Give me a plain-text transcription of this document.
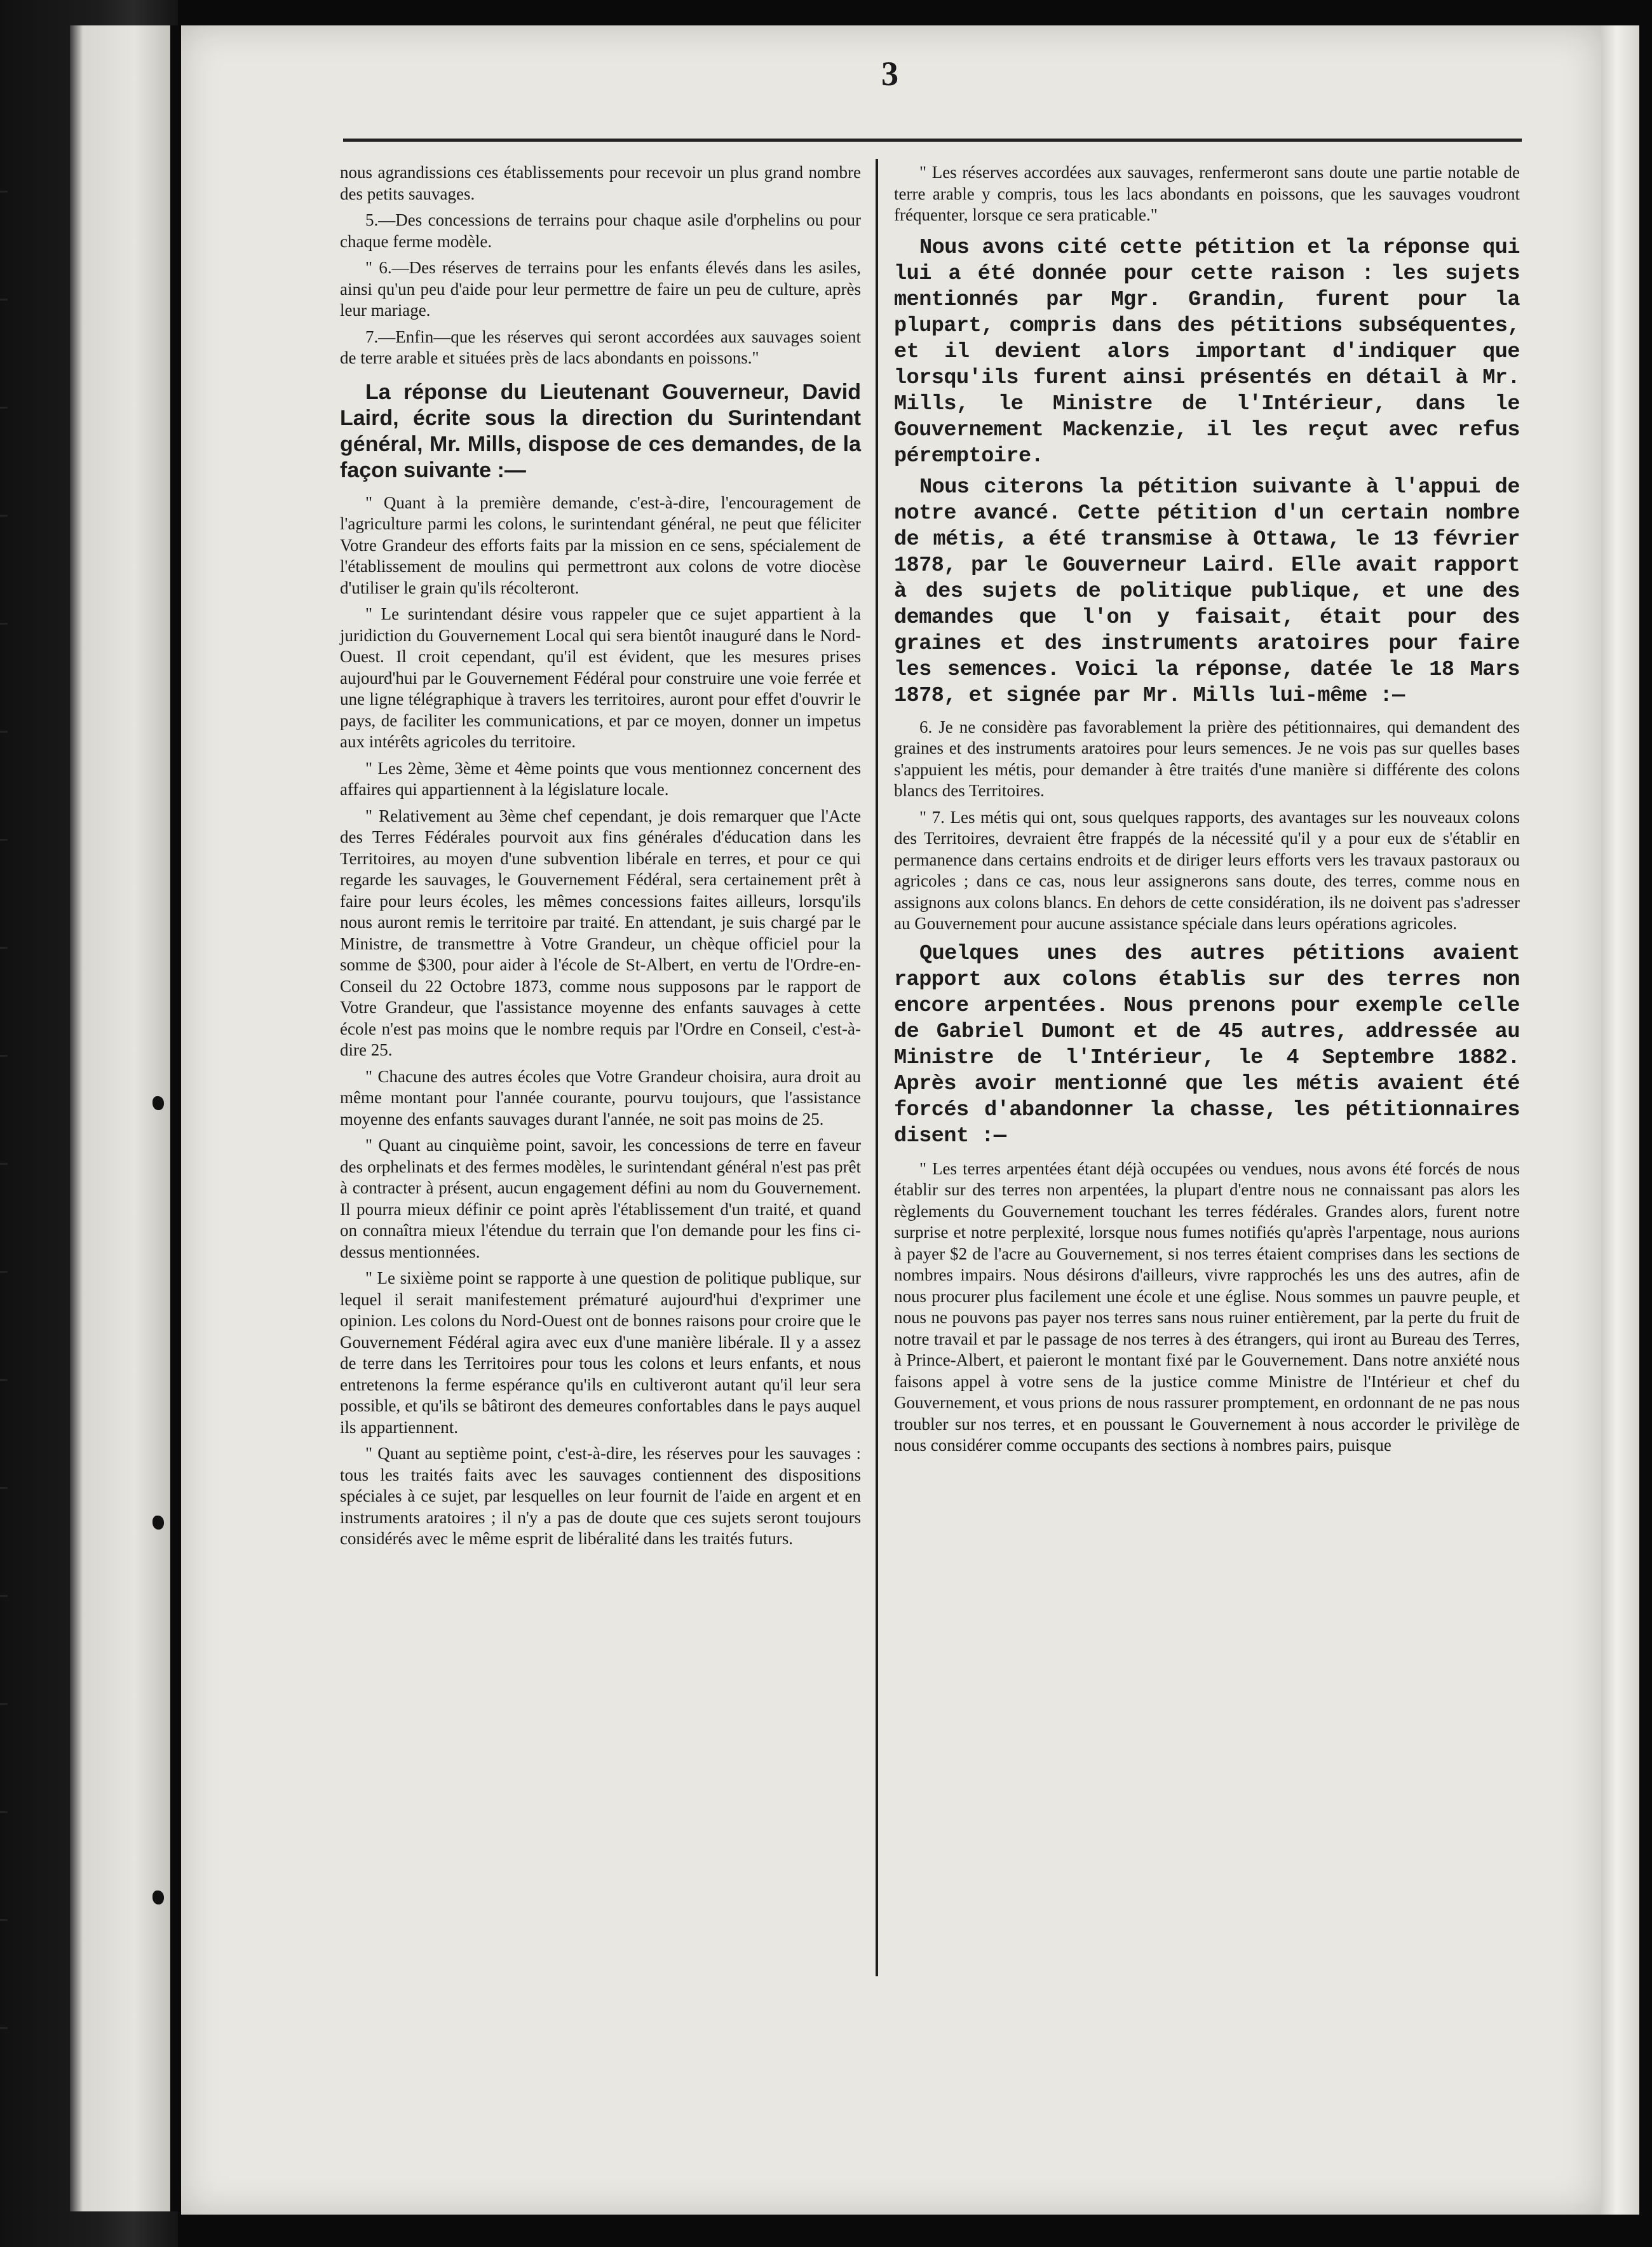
3

nous agrandissions ces établissements pour recevoir un plus grand nombre des petits sauvages.

5.—Des concessions de terrains pour chaque asile d'orphelins ou pour chaque ferme modèle.

" 6.—Des réserves de terrains pour les enfants élevés dans les asiles, ainsi qu'un peu d'aide pour leur permettre de faire un peu de culture, après leur mariage.

7.—Enfin—que les réserves qui seront accordées aux sauvages soient de terre arable et situées près de lacs abondants en poissons."

La réponse du Lieutenant Gouverneur, David Laird, écrite sous la direction du Surintendant général, Mr. Mills, dispose de ces demandes, de la façon suivante :—

" Quant à la première demande, c'est-à-dire, l'encouragement de l'agriculture parmi les colons, le surintendant général, ne peut que féliciter Votre Grandeur des efforts faits par la mission en ce sens, spécialement de l'établissement de moulins qui permettront aux colons de votre diocèse d'utiliser le grain qu'ils récolteront.

" Le surintendant désire vous rappeler que ce sujet appartient à la juridiction du Gouvernement Local qui sera bientôt inauguré dans le Nord-Ouest. Il croit cependant, qu'il est évident, que les mesures prises aujourd'hui par le Gouvernement Fédéral pour construire une voie ferrée et une ligne télégraphique à travers les territoires, auront pour effet d'ouvrir le pays, de faciliter les communications, et par ce moyen, donner un impetus aux intérêts agricoles du territoire.

" Les 2ème, 3ème et 4ème points que vous mentionnez concernent des affaires qui appartiennent à la législature locale.

" Relativement au 3ème chef cependant, je dois remarquer que l'Acte des Terres Fédérales pourvoit aux fins générales d'éducation dans les Territoires, au moyen d'une subvention libérale en terres, et pour ce qui regarde les sauvages, le Gouvernement Fédéral, sera certainement prêt à faire pour leurs écoles, les mêmes concessions faites ailleurs, lorsqu'ils nous auront remis le territoire par traité. En attendant, je suis chargé par le Ministre, de transmettre à Votre Grandeur, un chèque officiel pour la somme de $300, pour aider à l'école de St-Albert, en vertu de l'Ordre-en-Conseil du 22 Octobre 1873, comme nous supposons par le rapport de Votre Grandeur, que l'assistance moyenne des enfants sauvages à cette école n'est pas moins que le nombre requis par l'Ordre en Conseil, c'est-à-dire 25.

" Chacune des autres écoles que Votre Grandeur choisira, aura droit au même montant pour l'année courante, pourvu toujours, que l'assistance moyenne des enfants sauvages durant l'année, ne soit pas moins de 25.

" Quant au cinquième point, savoir, les concessions de terre en faveur des orphelinats et des fermes modèles, le surintendant général n'est pas prêt à contracter à présent, aucun engagement défini au nom du Gouvernement. Il pourra mieux définir ce point après l'établissement d'un traité, et quand on connaîtra mieux l'étendue du terrain que l'on demande pour les fins ci-dessus mentionnées.

" Le sixième point se rapporte à une question de politique publique, sur lequel il serait manifestement prématuré aujourd'hui d'exprimer une opinion. Les colons du Nord-Ouest ont de bonnes raisons pour croire que le Gouvernement Fédéral agira avec eux d'une manière libérale. Il y a assez de terre dans les Territoires pour tous les colons et leurs enfants, et nous entretenons la ferme espérance qu'ils en cultiveront autant qu'il leur sera possible, et qu'ils se bâtiront des demeures confortables dans le pays auquel ils appartiennent.

" Quant au septième point, c'est-à-dire, les réserves pour les sauvages : tous les traités faits avec les sauvages contiennent des dispositions spéciales à ce sujet, par lesquelles on leur fournit de l'aide en argent et en instruments aratoires ; il n'y a pas de doute que ces sujets seront toujours considérés avec le même esprit de libéralité dans les traités futurs.

" Les réserves accordées aux sauvages, renfermeront sans doute une partie notable de terre arable y compris, tous les lacs abondants en poissons, que les sauvages voudront fréquenter, lorsque ce sera praticable."

Nous avons cité cette pétition et la réponse qui lui a été donnée pour cette raison : les sujets mentionnés par Mgr. Grandin, furent pour la plupart, compris dans des pétitions subséquentes, et il devient alors important d'indiquer que lorsqu'ils furent ainsi présentés en détail à Mr. Mills, le Ministre de l'Intérieur, dans le Gouvernement Mackenzie, il les reçut avec refus péremptoire.

Nous citerons la pétition suivante à l'appui de notre avancé. Cette pétition d'un certain nombre de métis, a été transmise à Ottawa, le 13 février 1878, par le Gouverneur Laird. Elle avait rapport à des sujets de politique publique, et une des demandes que l'on y faisait, était pour des graines et des instruments aratoires pour faire les semences. Voici la réponse, datée le 18 Mars 1878, et signée par Mr. Mills lui-même :—

6. Je ne considère pas favorablement la prière des pétitionnaires, qui demandent des graines et des instruments aratoires pour leurs semences. Je ne vois pas sur quelles bases s'appuient les métis, pour demander à être traités d'une manière si différente des colons blancs des Territoires.

" 7. Les métis qui ont, sous quelques rapports, des avantages sur les nouveaux colons des Territoires, devraient être frappés de la nécessité qu'il y a pour eux de s'établir en permanence dans certains endroits et de diriger leurs efforts vers les travaux pastoraux ou agricoles ; dans ce cas, nous leur assignerons sans doute, des terres, comme nous en assignons aux colons blancs. En dehors de cette considération, ils ne doivent pas s'adresser au Gouvernement pour aucune assistance spéciale dans leurs opérations agricoles.

Quelques unes des autres pétitions avaient rapport aux colons établis sur des terres non encore arpentées. Nous prenons pour exemple celle de Gabriel Dumont et de 45 autres, addressée au Ministre de l'Intérieur, le 4 Septembre 1882. Après avoir mentionné que les métis avaient été forcés d'abandonner la chasse, les pétitionnaires disent :—

" Les terres arpentées étant déjà occupées ou vendues, nous avons été forcés de nous établir sur des terres non arpentées, la plupart d'entre nous ne connaissant pas alors les règlements du Gouvernement touchant les terres fédérales. Grandes alors, furent notre surprise et notre perplexité, lorsque nous fumes notifiés qu'après l'arpentage, nous aurions à payer $2 de l'acre au Gouvernement, si nos terres étaient comprises dans les sections de nombres impairs. Nous désirons d'ailleurs, vivre rapprochés les uns des autres, afin de nous procurer plus facilement une école et une église. Nous sommes un pauvre peuple, et nous ne pouvons pas payer nos terres sans nous ruiner entièrement, par la perte du fruit de notre travail et par le passage de nos terres à des étrangers, qui iront au Bureau des Terres, à Prince-Albert, et paieront le montant fixé par le Gouvernement. Dans notre anxiété nous faisons appel à votre sens de la justice comme Ministre de l'Intérieur et chef du Gouvernement, et vous prions de nous rassurer promptement, en ordonnant de ne pas nous troubler sur nos terres, et en poussant le Gouvernement à nous accorder le privilège de nous considérer comme occupants des sections à nombres pairs, puisque
